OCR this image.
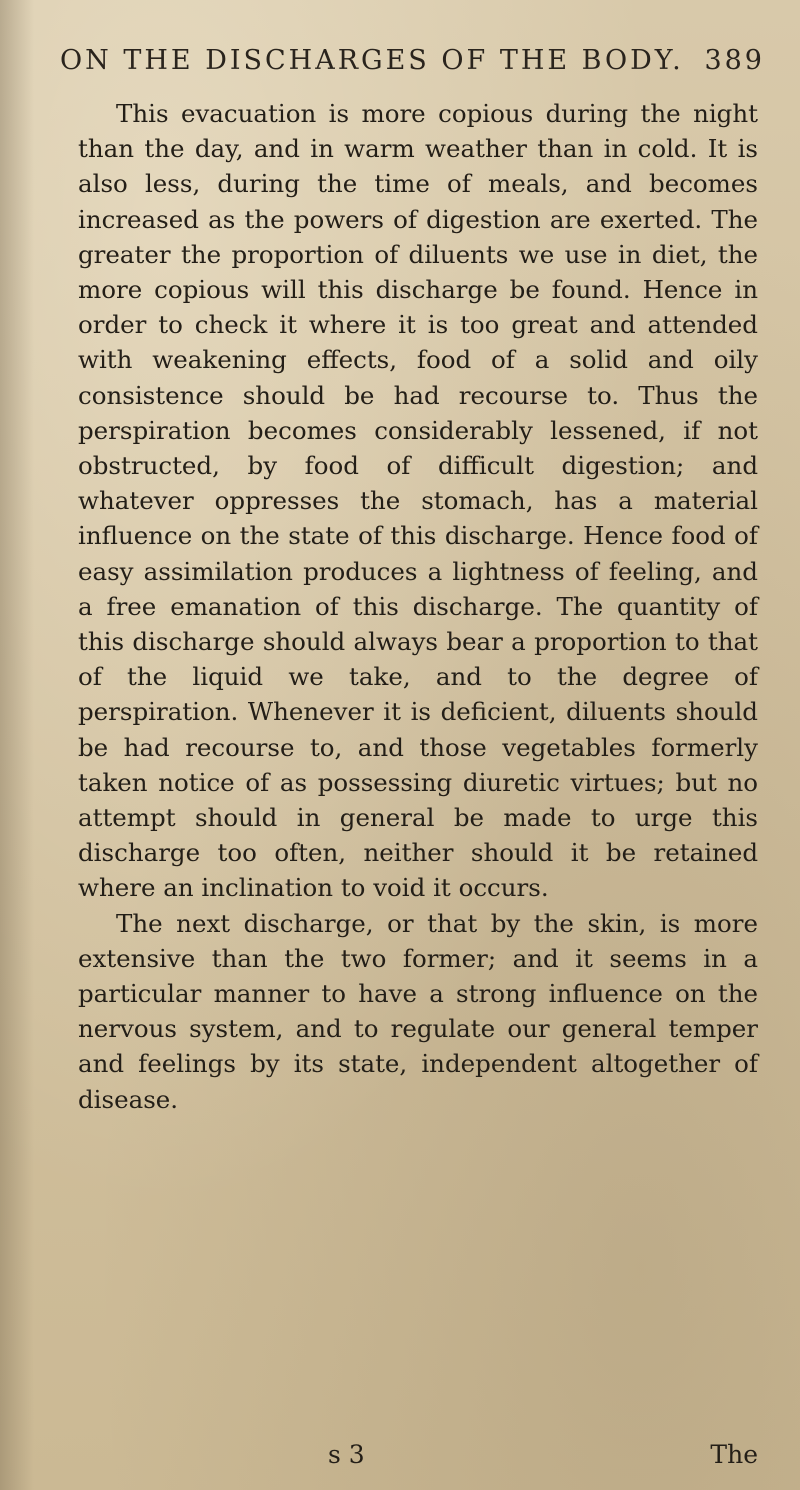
ON THE DISCHARGES OF THE BODY. 389

This evacuation is more copious during the night than the day, and in warm weather than in cold. It is also less, during the time of meals, and becomes increased as the powers of digestion are exerted. The greater the proportion of diluents we use in diet, the more copious will this discharge be found. Hence in order to check it where it is too great and attended with weakening effects, food of a solid and oily consistence should be had recourse to. Thus the perspiration becomes considerably lessened, if not obstructed, by food of difficult digestion; and whatever oppresses the stomach, has a material influence on the state of this discharge. Hence food of easy assimilation produces a lightness of feeling, and a free emanation of this discharge. The quantity of this discharge should always bear a proportion to that of the liquid we take, and to the degree of perspiration. Whenever it is deficient, diluents should be had recourse to, and those vegetables formerly taken notice of as possessing diuretic virtues; but no attempt should in general be made to urge this discharge too often, neither should it be retained where an inclination to void it occurs.

The next discharge, or that by the skin, is more extensive than the two former; and it seems in a particular manner to have a strong influence on the nervous system, and to regulate our general temper and feelings by its state, independent altogether of disease.

s 3	The
